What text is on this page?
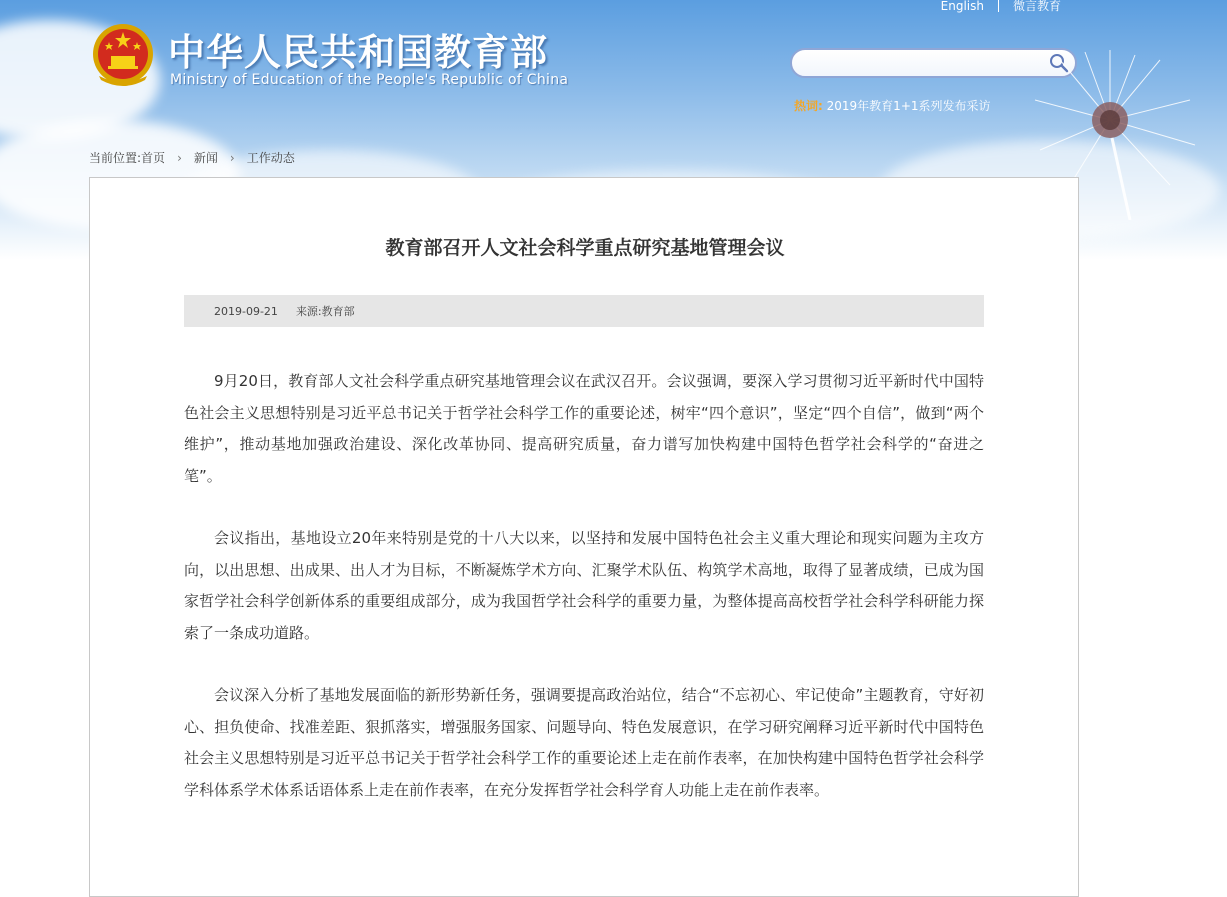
English 微言教育
中华人民共和国教育部
Ministry of Education of the People's Republic of China
热词: 2019年教育1+1系列发布采访
当前位置: 首页 › 新闻 › 工作动态
教育部召开人文社会科学重点研究基地管理会议
2019-09-21 来源:教育部

9月20日，教育部人文社会科学重点研究基地管理会议在武汉召开。会议强调，要深入学习贯彻习近平新时代中国特色社会主义思想特别是习近平总书记关于哲学社会科学工作的重要论述，树牢“四个意识”，坚定“四个自信”，做到“两个维护”，推动基地加强政治建设、深化改革协同、提高研究质量，奋力谱写加快构建中国特色哲学社会科学的“奋进之笔”。

会议指出，基地设立20年来特别是党的十八大以来，以坚持和发展中国特色社会主义重大理论和现实问题为主攻方向，以出思想、出成果、出人才为目标，不断凝炼学术方向、汇聚学术队伍、构筑学术高地，取得了显著成绩，已成为国家哲学社会科学创新体系的重要组成部分，成为我国哲学社会科学的重要力量，为整体提高高校哲学社会科学科研能力探索了一条成功道路。

会议深入分析了基地发展面临的新形势新任务，强调要提高政治站位，结合“不忘初心、牢记使命”主题教育，守好初心、担负使命、找准差距、狠抓落实，增强服务国家、问题导向、特色发展意识，在学习研究阐释习近平新时代中国特色社会主义思想特别是习近平总书记关于哲学社会科学工作的重要论述上走在前作表率，在加快构建中国特色哲学社会科学学科体系学术体系话语体系上走在前作表率，在充分发挥哲学社会科学育人功能上走在前作表率。
